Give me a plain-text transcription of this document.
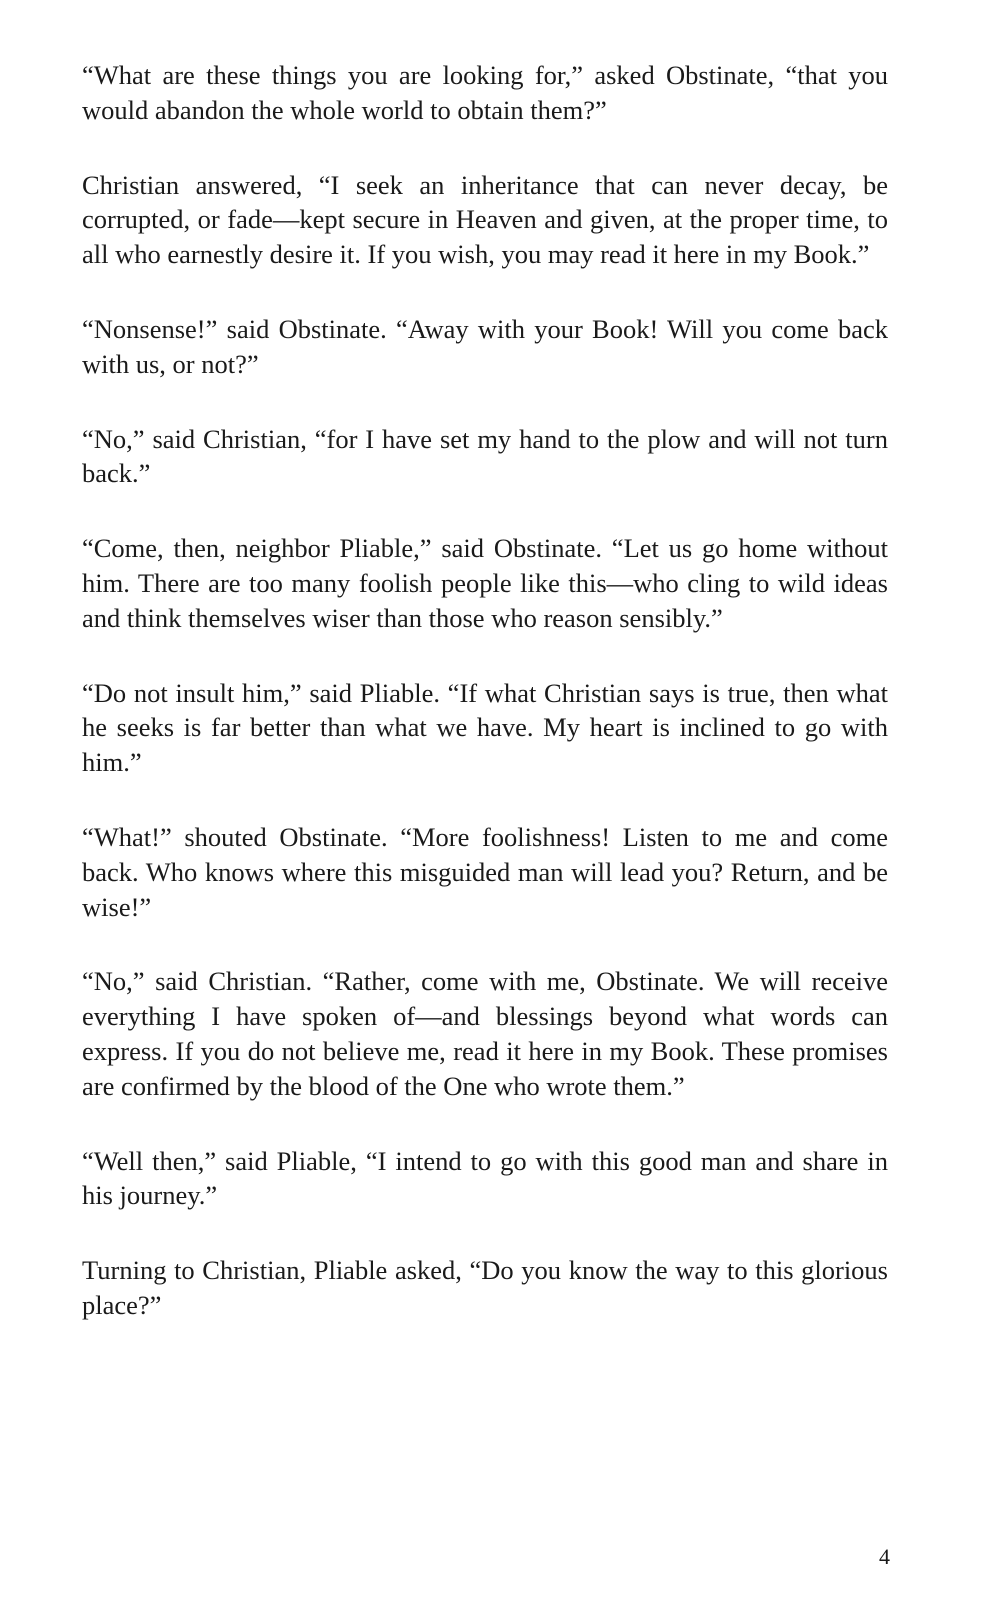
“What are these things you are looking for,” asked Obstinate, “that you would abandon the whole world to obtain them?”

Christian answered, “I seek an inheritance that can never decay, be corrupted, or fade—kept secure in Heaven and given, at the proper time, to all who earnestly desire it. If you wish, you may read it here in my Book.”

“Nonsense!” said Obstinate. “Away with your Book! Will you come back with us, or not?”

“No,” said Christian, “for I have set my hand to the plow and will not turn back.”

“Come, then, neighbor Pliable,” said Obstinate. “Let us go home without him. There are too many foolish people like this—who cling to wild ideas and think themselves wiser than those who reason sensibly.”

“Do not insult him,” said Pliable. “If what Christian says is true, then what he seeks is far better than what we have. My heart is inclined to go with him.”

“What!” shouted Obstinate. “More foolishness! Listen to me and come back. Who knows where this misguided man will lead you? Return, and be wise!”

“No,” said Christian. “Rather, come with me, Obstinate. We will receive everything I have spoken of—and blessings beyond what words can express. If you do not believe me, read it here in my Book. These promises are confirmed by the blood of the One who wrote them.”

“Well then,” said Pliable, “I intend to go with this good man and share in his journey.”

Turning to Christian, Pliable asked, “Do you know the way to this glorious place?”

4
